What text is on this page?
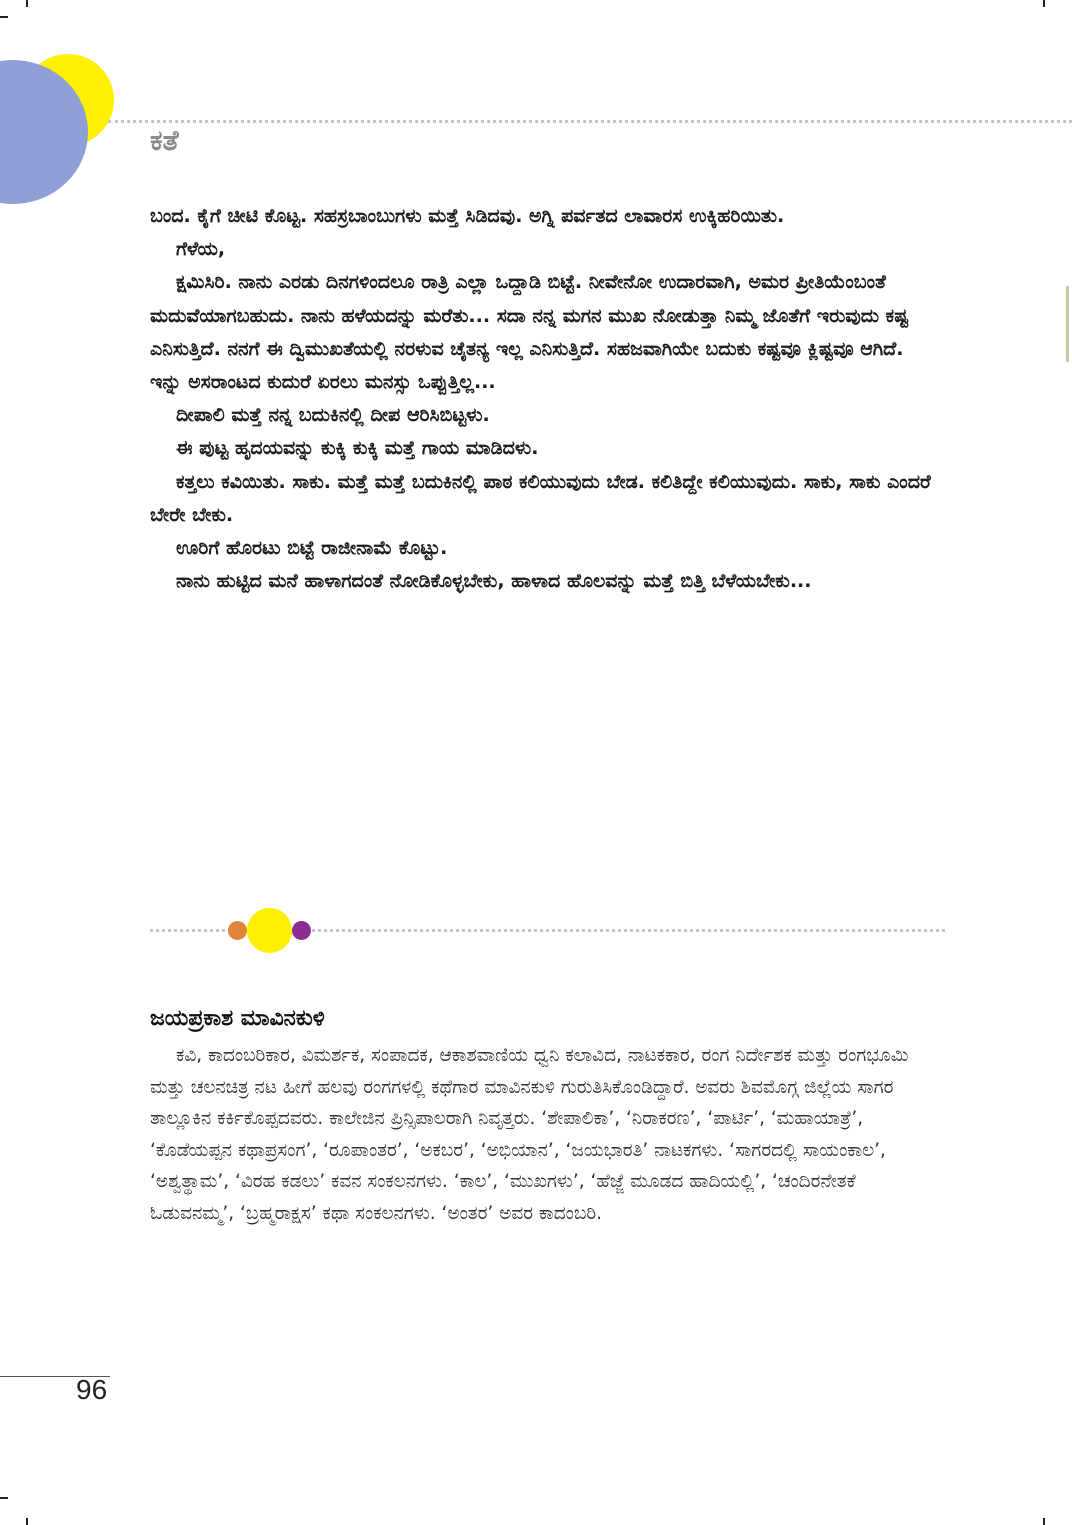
ಕತೆ

ಬಂದ. ಕೈಗೆ ಚೀಟಿ ಕೊಟ್ಟ. ಸಹಸ್ರಬಾಂಬುಗಳು ಮತ್ತೆ ಸಿಡಿದವು. ಅಗ್ನಿ ಪರ್ವತದ ಲಾವಾರಸ ಉಕ್ಕಿಹರಿಯಿತು.

ಗೆಳೆಯ,

ಕ್ಷಮಿಸಿರಿ. ನಾನು ಎರಡು ದಿನಗಳಿಂದಲೂ ರಾತ್ರಿ ಎಲ್ಲಾ ಒದ್ದಾಡಿ ಬಿಟ್ಟೆ. ನೀವೇನೋ ಉದಾರವಾಗಿ, ಅಮರ ಪ್ರೀತಿಯೆಂಬಂತೆ ಮದುವೆಯಾಗಬಹುದು. ನಾನು ಹಳೆಯದನ್ನು ಮರೆತು... ಸದಾ ನನ್ನ ಮಗನ ಮುಖ ನೋಡುತ್ತಾ ನಿಮ್ಮ ಜೊತೆಗೆ ಇರುವುದು ಕಷ್ಟ ಎನಿಸುತ್ತಿದೆ. ನನಗೆ ಈ ದ್ವಿಮುಖತೆಯಲ್ಲಿ ನರಳುವ ಚೈತನ್ಯ ಇಲ್ಲ ಎನಿಸುತ್ತಿದೆ. ಸಹಜವಾಗಿಯೇ ಬದುಕು ಕಷ್ಟವೂ ಕ್ಲಿಷ್ಟವೂ ಆಗಿದೆ. ಇನ್ನು ಅಸರಾಂಟದ ಕುದುರೆ ಏರಲು ಮನಸ್ಸು ಒಪ್ಪುತ್ತಿಲ್ಲ...

ದೀಪಾಲಿ ಮತ್ತೆ ನನ್ನ ಬದುಕಿನಲ್ಲಿ ದೀಪ ಆರಿಸಿಬಿಟ್ಟಳು.

ಈ ಪುಟ್ಟ ಹೃದಯವನ್ನು ಕುಕ್ಕಿ ಕುಕ್ಕಿ ಮತ್ತೆ ಗಾಯ ಮಾಡಿದಳು.

ಕತ್ತಲು ಕವಿಯಿತು. ಸಾಕು. ಮತ್ತೆ ಮತ್ತೆ ಬದುಕಿನಲ್ಲಿ ಪಾಠ ಕಲಿಯುವುದು ಬೇಡ. ಕಲಿತಿದ್ದೇ ಕಲಿಯುವುದು. ಸಾಕು, ಸಾಕು ಎಂದರೆ ಬೇರೇ ಬೇಕು.

ಊರಿಗೆ ಹೊರಟು ಬಿಟ್ಟೆ ರಾಜೀನಾಮೆ ಕೊಟ್ಟು.

ನಾನು ಹುಟ್ಟಿದ ಮನೆ ಹಾಳಾಗದಂತೆ ನೋಡಿಕೊಳ್ಳಬೇಕು, ಹಾಳಾದ ಹೊಲವನ್ನು ಮತ್ತೆ ಬಿತ್ತಿ ಬೆಳೆಯಬೇಕು...

ಜಯಪ್ರಕಾಶ ಮಾವಿನಕುಳಿ

ಕವಿ, ಕಾದಂಬರಿಕಾರ, ವಿಮರ್ಶಕ, ಸಂಪಾದಕ, ಆಕಾಶವಾಣಿಯ ಧ್ವನಿ ಕಲಾವಿದ, ನಾಟಕಕಾರ, ರಂಗ ನಿರ್ದೇಶಕ ಮತ್ತು ರಂಗಭೂಮಿ ಮತ್ತು ಚಲನಚಿತ್ರ ನಟ ಹೀಗೆ ಹಲವು ರಂಗಗಳಲ್ಲಿ ಕಥೆಗಾರ ಮಾವಿನಕುಳಿ ಗುರುತಿಸಿಕೊಂಡಿದ್ದಾರೆ. ಅವರು ಶಿವಮೊಗ್ಗ ಜಿಲ್ಲೆಯ ಸಾಗರ ತಾಲ್ಲೂಕಿನ ಕರ್ಕಿಕೊಪ್ಪದವರು. ಕಾಲೇಜಿನ ಪ್ರಿನ್ಸಿಪಾಲರಾಗಿ ನಿವೃತ್ತರು. ‘ಶೇಪಾಲಿಕಾ’, ‘ನಿರಾಕರಣ’, ‘ಪಾರ್ಟಿ’, ‘ಮಹಾಯಾತ್ರೆ’, ‘ಕೊಡೆಯಪ್ಪನ ಕಥಾಪ್ರಸಂಗ’, ‘ರೂಪಾಂತರ’, ‘ಅಕಬರ’, ‘ಅಭಿಯಾನ’, ‘ಜಯಭಾರತಿ’ ನಾಟಕಗಳು. ‘ಸಾಗರದಲ್ಲಿ ಸಾಯಂಕಾಲ’, ‘ಅಶ್ವತ್ಥಾಮ’, ‘ವಿರಹ ಕಡಲು’ ಕವನ ಸಂಕಲನಗಳು. ‘ಕಾಲ’, ‘ಮುಖಗಳು’, ‘ಹೆಜ್ಜೆ ಮೂಡದ ಹಾದಿಯಲ್ಲಿ’, ‘ಚಂದಿರನೇತಕೆ ಓಡುವನಮ್ಮ’, ‘ಬ್ರಹ್ಮರಾಕ್ಷಸ’ ಕಥಾ ಸಂಕಲನಗಳು. ‘ಅಂತರ’ ಅವರ ಕಾದಂಬರಿ.

96
